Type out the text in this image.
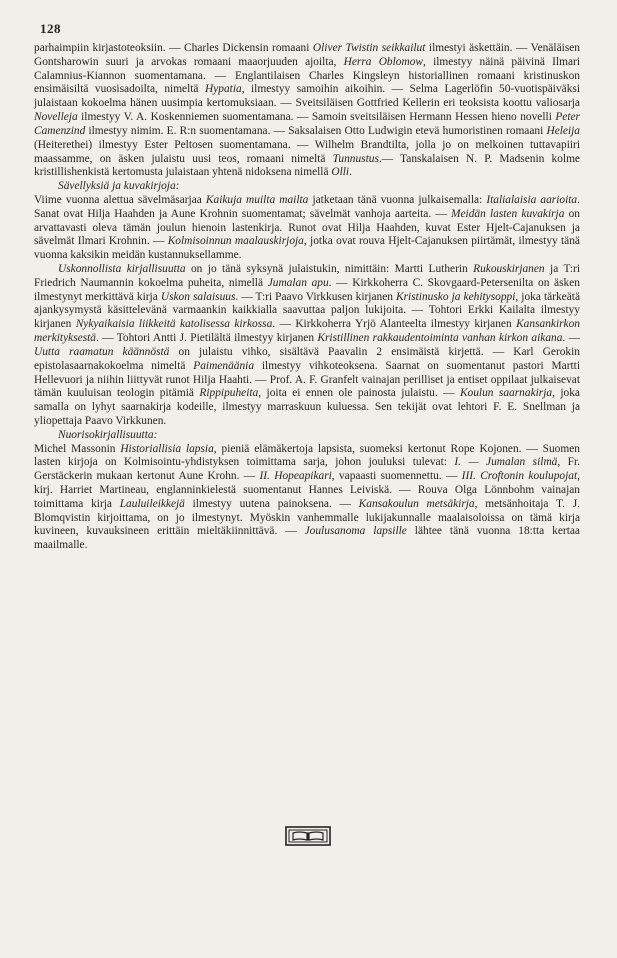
128

parhaimpiin kirjastoteoksiin. — Charles Dickensin romaani Oliver Twistin seikkailut ilmestyi äskettäin. — Venäläisen Gontsharowin suuri ja arvokas romaani maaorjuuden ajoilta, Herra Oblomow, ilmestyy näinä päivinä Ilmari Calamnius-Kiannon suomentamana. — Englantilaisen Charles Kingsleyn historiallinen romaani kristinuskon ensimäisiltä vuosisadoilta, nimeltä Hypatia, ilmestyy samoihin aikoihin. — Selma Lagerlöfin 50-vuotispäiväksi julaistaan kokoelma hänen uusimpia kertomuksiaan. — Sveitsiläisen Gottfried Kellerin eri teoksista koottu valiosarja Novelleja ilmestyy V. A. Koskenniemen suomentamana. — Samoin sveitsiläisen Hermann Hessen hieno novelli Peter Camenzind ilmestyy nimim. E. R:n suomentamana. — Saksalaisen Otto Ludwigin etevä humoristinen romaani Heleija (Heiterethei) ilmestyy Ester Peltosen suomentamana. — Wilhelm Brandtilta, jolla jo on melkoinen tuttavapiiri maassamme, on äsken julaistu uusi teos, romaani nimeltä Tunnustus.— Tanskalaisen N. P. Madsenin kolme kristillishenkistä kertomusta julaistaan yhtenä nidoksena nimellä Olli.

Sävellyksiä ja kuvakirjoja:

Viime vuonna alettua sävelmäsarjaa Kaikuja muilta mailta jatketaan tänä vuonna julkaisemalla: Italialaisia aarioita. Sanat ovat Hilja Haahden ja Aune Krohnin suomentamat; sävelmät vanhoja aarteita. — Meidän lasten kuvakirja on arvattavasti oleva tämän joulun hienoin lastenkirja. Runot ovat Hilja Haahden, kuvat Ester Hjelt-Cajanuksen ja sävelmät Ilmari Krohnin. — Kolmisoinnun maalauskirjoja, jotka ovat rouva Hjelt-Cajanuksen piirtämät, ilmestyy tänä vuonna kaksikin meidän kustannuksellamme.

Uskonnollista kirjallisuutta on jo tänä syksynä julaistukin, nimittäin: Martti Lutherin Rukouskirjanen ja T:ri Friedrich Naumannin kokoelma puheita, nimellä Jumalan apu. — Kirkkoherra C. Skovgaard-Petersenilta on äsken ilmestynyt merkittävä kirja Uskon salaisuus. — T:ri Paavo Virkkusen kirjanen Kristinusko ja kehitysoppi, joka tärkeätä ajankysymystä käsittelevänä varmaankin kaikkialla saavuttaa paljon lukijoita. — Tohtori Erkki Kailalta ilmestyy kirjanen Nykyaikaisia liikkeitä katolisessa kirkossa. — Kirkkoherra Yrjö Alanteelta ilmestyy kirjanen Kansankirkon merkityksestä. — Tohtori Antti J. Pietilältä ilmestyy kirjanen Kristillinen rakkaudentoiminta vanhan kirkon aikana. — Uutta raamatun käännöstä on julaistu vihko, sisältävä Paavalin 2 ensimäistä kirjettä. — Karl Gerokin epistolasaarnakokoelma nimeltä Paimenäänia ilmestyy vihkoteoksena. Saarnat on suomentanut pastori Martti Hellevuori ja niihin liittyvät runot Hilja Haahti. — Prof. A. F. Granfelt vainajan perilliset ja entiset oppilaat julkaisevat tämän kuuluisan teologin pitämiä Rippipuheita, joita ei ennen ole painosta julaistu. — Koulun saarnakirja, joka samalla on lyhyt saarnakirja kodeille, ilmestyy marraskuun kuluessa. Sen tekijät ovat lehtori F. E. Snellman ja yliopettaja Paavo Virkkunen.

Nuorisokirjallisuutta:

Michel Massonin Historiallisia lapsia, pieniä elämäkertoja lapsista, suomeksi kertonut Rope Kojonen. — Suomen lasten kirjoja on Kolmisointu-yhdistyksen toimittama sarja, johon jouluksi tulevat: I. — Jumalan silmä, Fr. Gerstäckerin mukaan kertonut Aune Krohn. — II. Hopeapikari, vapaasti suomennettu. — III. Croftonin koulupojat, kirj. Harriet Martineau, englanninkielestä suomentanut Hannes Leiviskä. — Rouva Olga Lönnbohm vainajan toimittama kirja Lauluileikkejä ilmestyy uutena painoksena. — Kansakoulun metsäkirja, metsänhoitaja T. J. Blomqvistin kirjoittama, on jo ilmestynyt. Myöskin vanhemmalle lukijakunnalle maalaisoloissa on tämä kirja kuvineen, kuvauksineen erittäin mieltäkiinnittävä. — Joulusanoma lapsille lähtee tänä vuonna 18:tta kertaa maailmalle.
